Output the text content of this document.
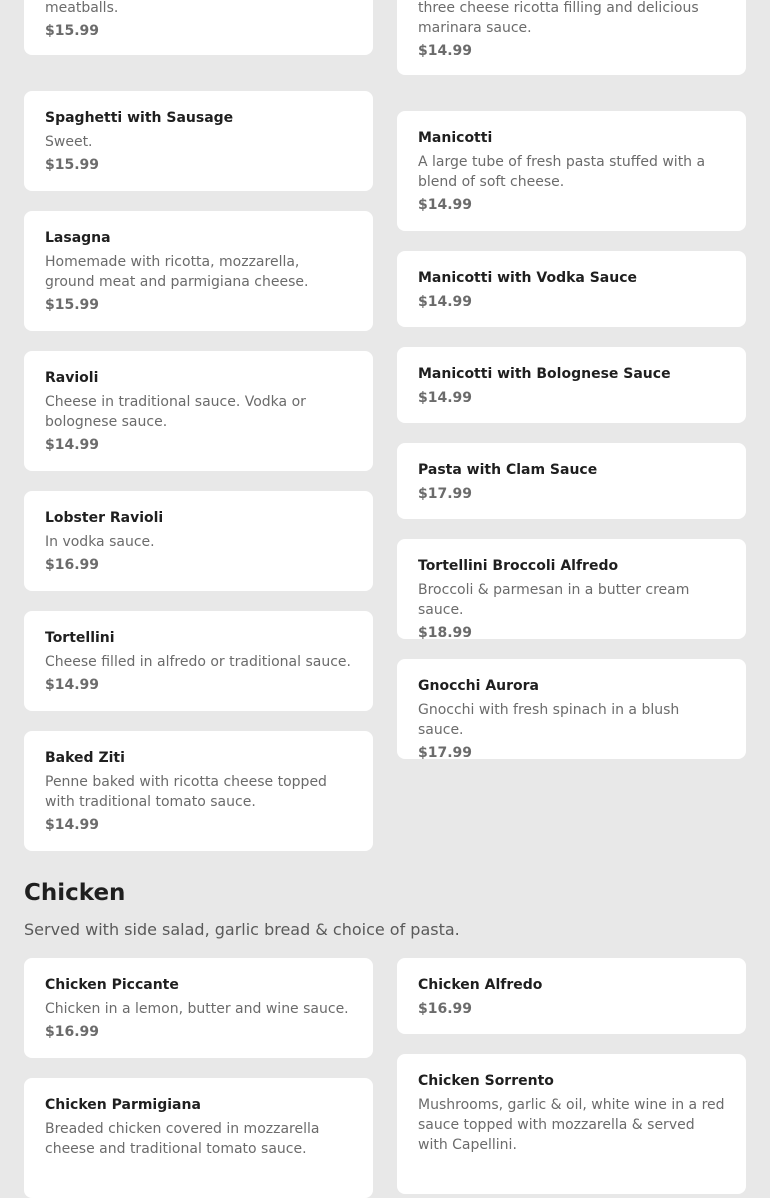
meatballs.
$15.99
Spaghetti with Sausage
Sweet.
$15.99
Lasagna
Homemade with ricotta, mozzarella, ground meat and parmigiana cheese.
$15.99
Ravioli
Cheese in traditional sauce. Vodka or bolognese sauce.
$14.99
Lobster Ravioli
In vodka sauce.
$16.99
Tortellini
Cheese filled in alfredo or traditional sauce.
$14.99
Baked Ziti
Penne baked with ricotta cheese topped with traditional tomato sauce.
$14.99
three cheese ricotta filling and delicious marinara sauce.
$14.99
Manicotti
A large tube of fresh pasta stuffed with a blend of soft cheese.
$14.99
Manicotti with Vodka Sauce
$14.99
Manicotti with Bolognese Sauce
$14.99
Pasta with Clam Sauce
$17.99
Tortellini Broccoli Alfredo
Broccoli & parmesan in a butter cream sauce.
$18.99
Gnocchi Aurora
Gnocchi with fresh spinach in a blush sauce.
$17.99
Chicken
Served with side salad, garlic bread & choice of pasta.
Chicken Piccante
Chicken in a lemon, butter and wine sauce.
$16.99
Chicken Parmigiana
Breaded chicken covered in mozzarella cheese and traditional tomato sauce.
Chicken Alfredo
$16.99
Chicken Sorrento
Mushrooms, garlic & oil, white wine in a red sauce topped with mozzarella & served with Capellini.
